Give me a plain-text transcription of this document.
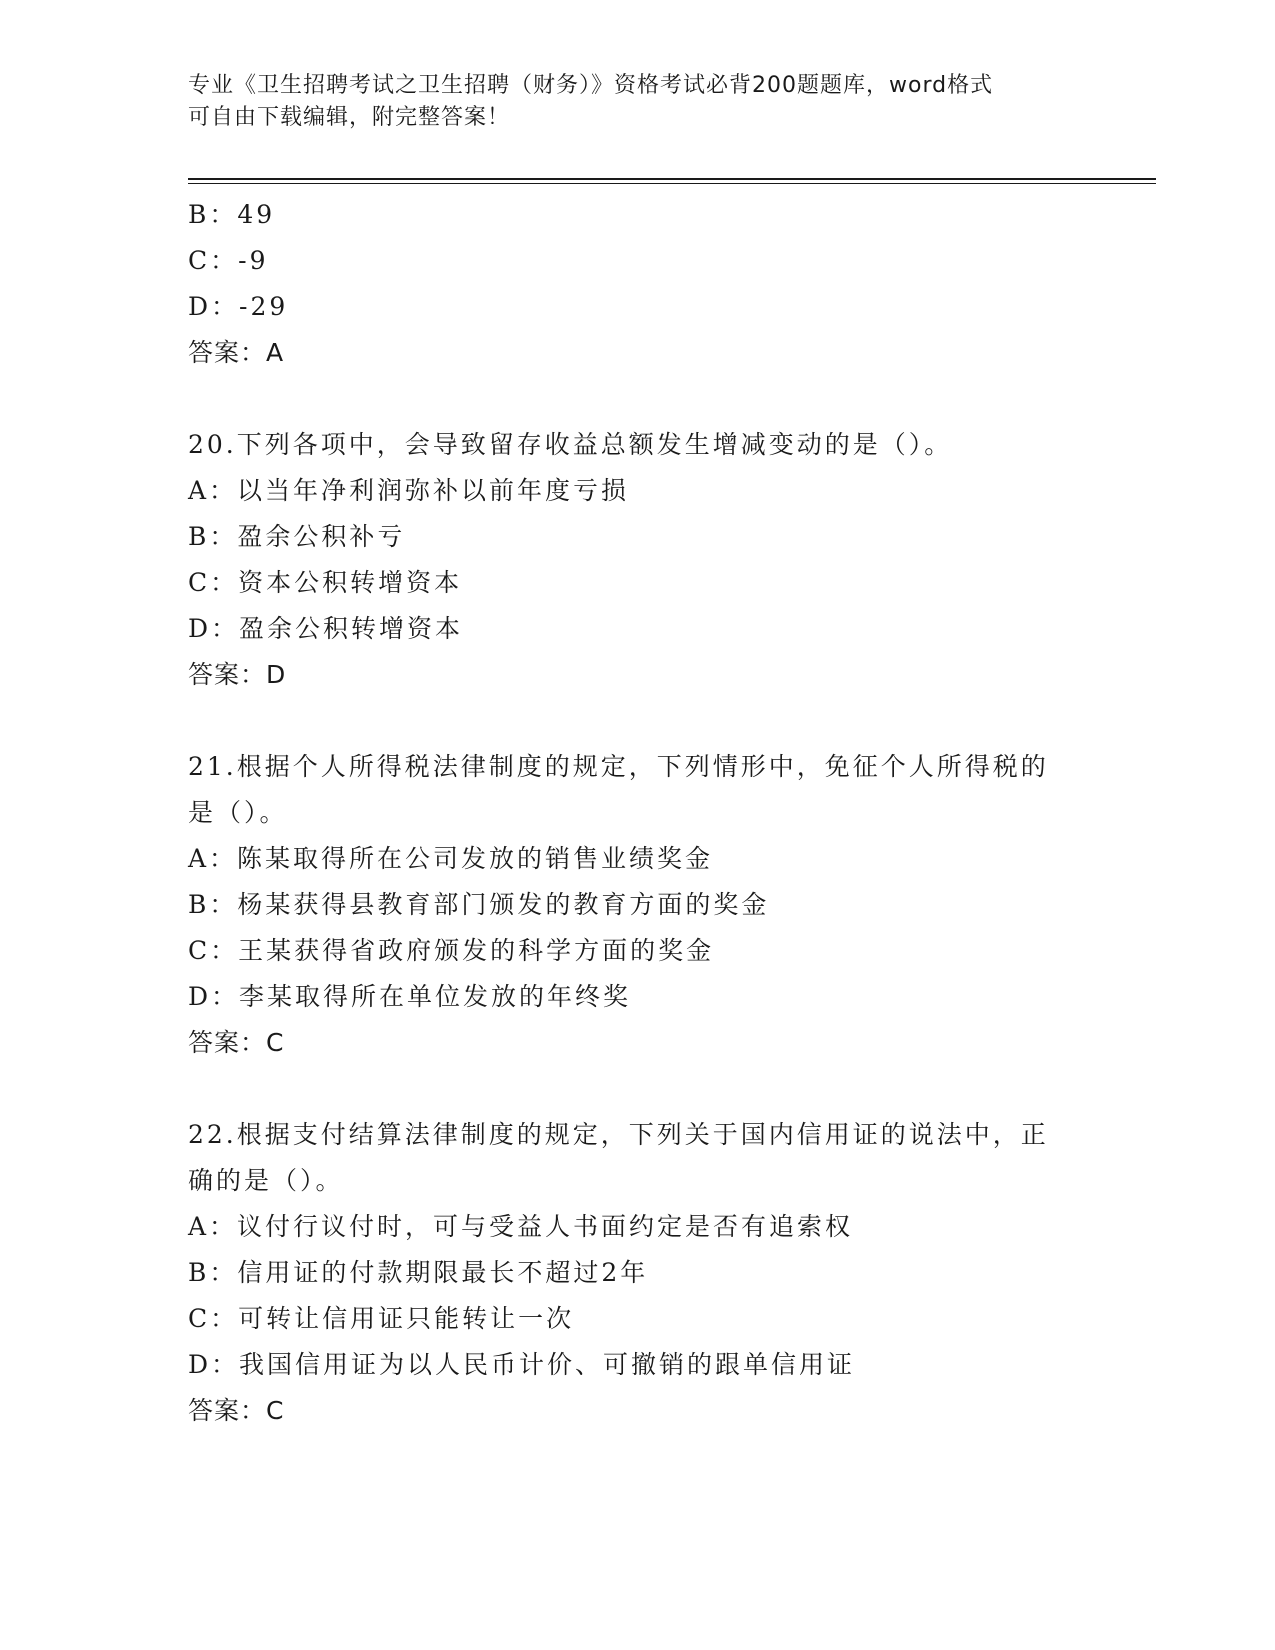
专业《卫生招聘考试之卫生招聘（财务）》资格考试必背200题题库，word格式
可自由下载编辑，附完整答案！
B：49
C：-9
D：-29
答案：A
20.下列各项中，会导致留存收益总额发生增减变动的是（）。
A：以当年净利润弥补以前年度亏损
B：盈余公积补亏
C：资本公积转增资本
D：盈余公积转增资本
答案：D
21.根据个人所得税法律制度的规定，下列情形中，免征个人所得税的
是（）。
A：陈某取得所在公司发放的销售业绩奖金
B：杨某获得县教育部门颁发的教育方面的奖金
C：王某获得省政府颁发的科学方面的奖金
D：李某取得所在单位发放的年终奖
答案：C
22.根据支付结算法律制度的规定，下列关于国内信用证的说法中，正
确的是（）。
A：议付行议付时，可与受益人书面约定是否有追索权
B：信用证的付款期限最长不超过2年
C：可转让信用证只能转让一次
D：我国信用证为以人民币计价、可撤销的跟单信用证
答案：C
